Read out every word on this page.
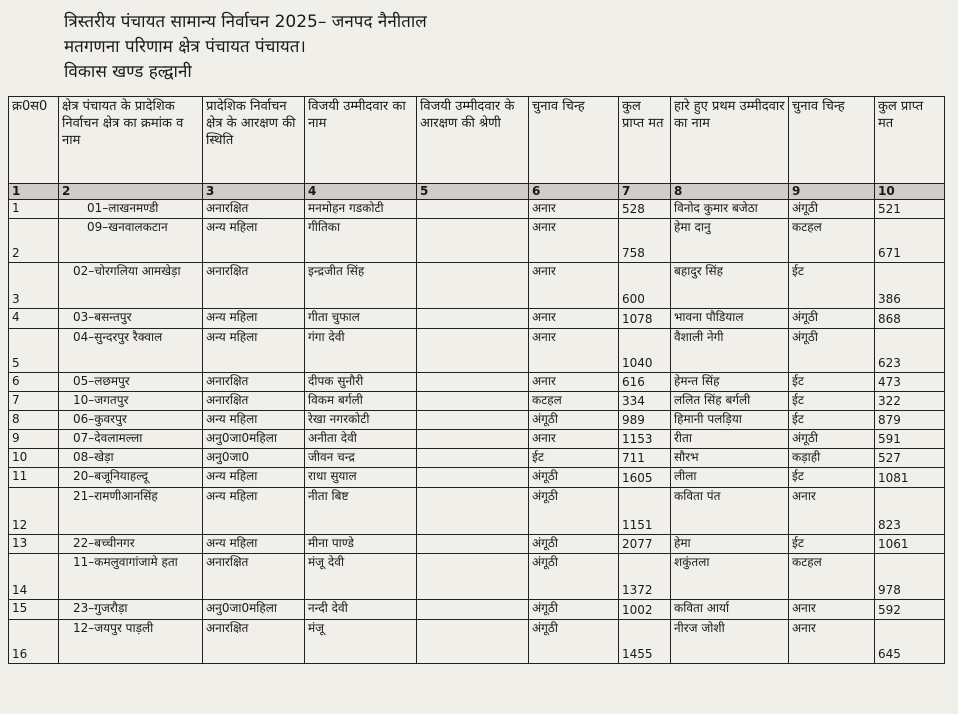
त्रिस्तरीय पंचायत सामान्य निर्वाचन 2025– जनपद नैनीताल
मतगणना परिणाम क्षेत्र पंचायत पंचायत।
विकास खण्ड हल्द्वानी
क्र0स0	क्षेत्र पंचायत के प्रादेशिक निर्वाचन क्षेत्र का क्रमांक व नाम	प्रादेशिक निर्वाचन क्षेत्र के आरक्षण की स्थिति	विजयी उम्मीदवार का नाम	विजयी उम्मीदवार के आरक्षण की श्रेणी	चुनाव चिन्ह	कुल प्राप्त मत	हारे हुए प्रथम उम्मीदवार का नाम	चुनाव चिन्ह	कुल प्राप्त मत
1	2	3	4	5	6	7	8	9	10
1	01–लाखनमण्डी	अनारक्षित	मनमोहन गडकोटी		अनार	528	विनोद कुमार बजेठा	अंगूठी	521
2	09–खनवालकटान	अन्य महिला	गीतिका		अनार	758	हेमा दानु	कटहल	671
3	02–चोरगलिया आमखेड़ा	अनारक्षित	इन्द्रजीत सिंह		अनार	600	बहादुर सिंह	ईट	386
4	03–बसन्तपुर	अन्य महिला	गीता चुफाल		अनार	1078	भावना पौडियाल	अंगूठी	868
5	04–सुन्दरपुर रैक्वाल	अन्य महिला	गंगा देवी		अनार	1040	वैशाली नेगी	अंगूठी	623
6	05–लछमपुर	अनारक्षित	दीपक सुनौरी		अनार	616	हेमन्त सिंह	ईट	473
7	10–जगतपुर	अनारक्षित	विकम बर्गली		कटहल	334	ललित सिंह बर्गली	ईट	322
8	06–कुवरपुर	अन्य महिला	रेखा नगरकोटी		अंगूठी	989	हिमानी पलड़िया	ईट	879
9	07–देवलामल्ला	अनु0जा0महिला	अनीता देवी		अनार	1153	रीता	अंगूठी	591
10	08–खेड़ा	अनु0जा0	जीवन चन्द्र		ईट	711	सौरभ	कड़ाही	527
11	20–बजूनियाहल्दू	अन्य महिला	राधा सुयाल		अंगूठी	1605	लीला	ईट	1081
12	21–रामणीआनसिंह	अन्य महिला	नीता बिष्ट		अंगूठी	1151	कविता पंत	अनार	823
13	22–बच्चीनगर	अन्य महिला	मीना पाण्डे		अंगूठी	2077	हेमा	ईट	1061
14	11–कमलुवागांजामे हता	अनारक्षित	मंजू देवी		अंगूठी	1372	शकुंतला	कटहल	978
15	23–गुजरौड़ा	अनु0जा0महिला	नन्दी देवी		अंगूठी	1002	कविता आर्या	अनार	592
16	12–जयपुर पाड़ली	अनारक्षित	मंजू		अंगूठी	1455	नीरज जोशी	अनार	645
